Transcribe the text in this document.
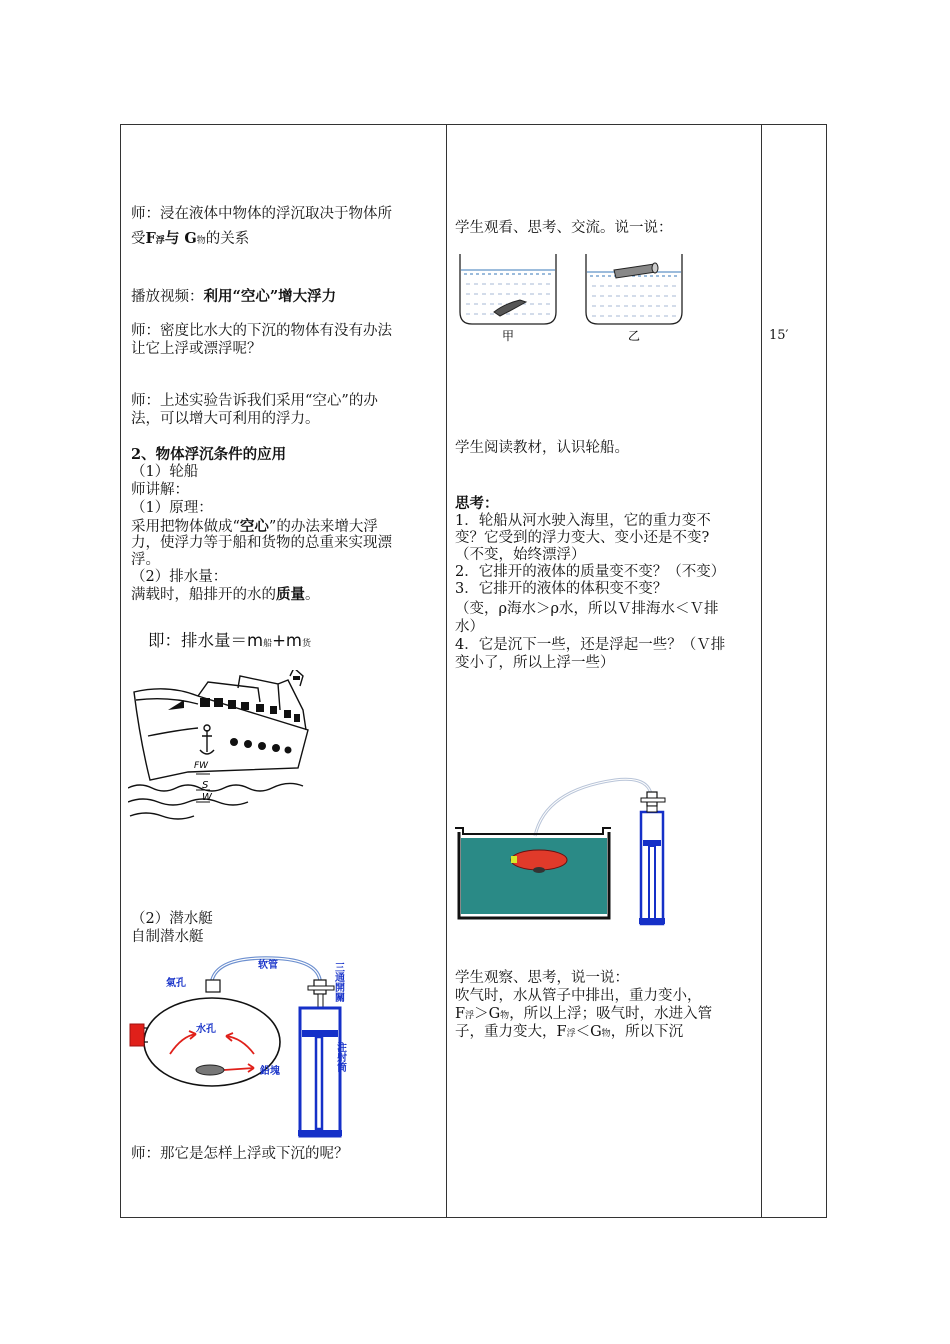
师：浸在液体中物体的浮沉取决于物体所
受F浮与 G物的关系
播放视频：利用“空心”增大浮力
师：密度比水大的下沉的物体有没有办法
让它上浮或漂浮呢？
师：上述实验告诉我们采用“空心”的办
法，可以增大可利用的浮力。
2、物体浮沉条件的应用
（1）轮船
师讲解：
（1）原理：
采用把物体做成“空心”的办法来增大浮
力，使浮力等于船和货物的总重来实现漂
浮。
（2）排水量：
满载时，船排开的水的质量。
即：排水量＝m船+m货
FW
S
W
（2）潜水艇
自制潜水艇
软管
氣孔
水孔
鉛塊
三通開關
注射筒
师：那它是怎样上浮或下沉的呢？
学生观看、思考、交流。说一说：
甲	乙
学生阅读教材，认识轮船。
思考：
1．轮船从河水驶入海里，它的重力变不
变？它受到的浮力变大、变小还是不变?
（不变，始终漂浮）
2．它排开的液体的质量变不变？（不变）
3．它排开的液体的体积变不变？
（变，ρ海水＞ρ水，所以Ｖ排海水＜Ｖ排
水）
4．它是沉下一些，还是浮起一些？（Ｖ排
变小了，所以上浮一些）
学生观察、思考，说一说：
吹气时，水从管子中排出，重力变小，
F浮＞G物，所以上浮；吸气时，水进入管
子，重力变大，F浮＜G物，所以下沉
15′
